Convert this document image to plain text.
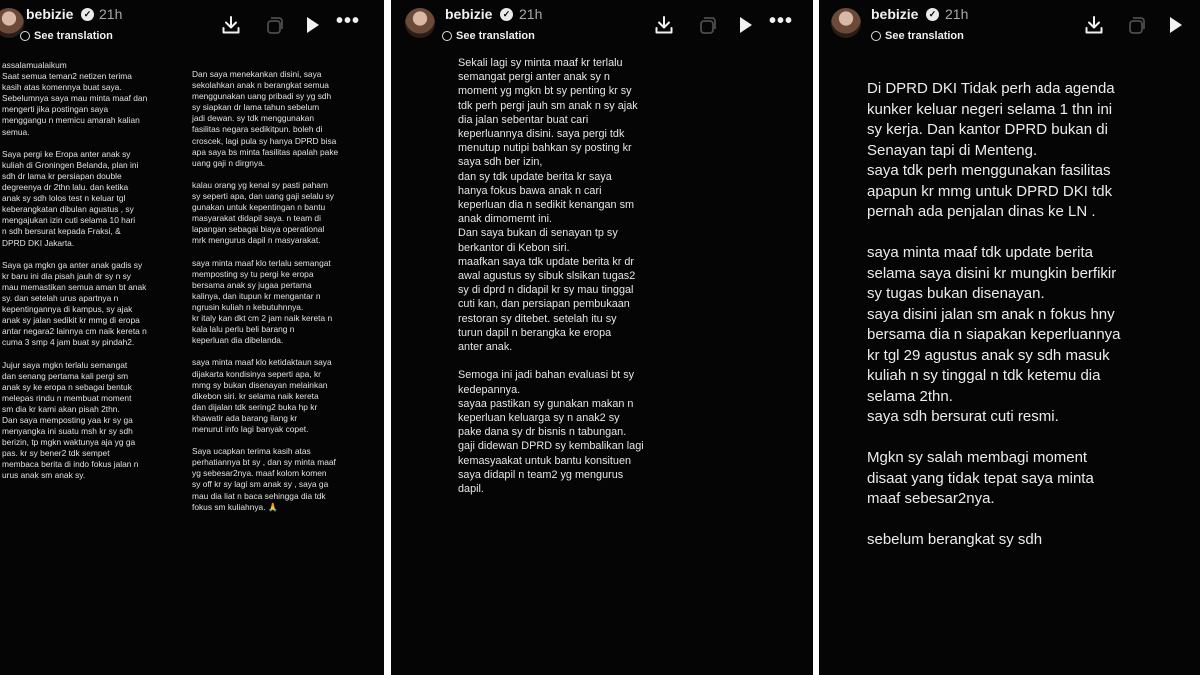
bebizie	✓ 21h
See translation
•••
assalamualaikum
Saat semua teman2 netizen terima
kasih atas komennya buat saya.
Sebelumnya saya mau minta maaf dan
mengerti jika postingan saya
menggangu n memicu amarah kalian
semua.

Saya pergi ke Eropa anter anak sy
kuliah di Groningen Belanda, plan ini
sdh dr lama kr persiapan double
degreenya dr 2thn lalu. dan ketika
anak sy sdh lolos test n keluar tgl
keberangkatan dibulan agustus , sy
mengajukan izin cuti selama 10 hari
n sdh bersurat kepada Fraksi, &
DPRD DKI Jakarta.

Saya ga mgkn ga anter anak gadis sy
kr baru ini dia pisah jauh dr sy n sy
mau memastikan semua aman bt anak
sy. dan setelah urus apartnya n
kepentingannya di kampus, sy ajak
anak sy jalan sedikit kr mmg di eropa
antar negara2 lainnya cm naik kereta n
cuma 3 smp 4 jam buat sy pindah2.

Jujur saya mgkn terlalu semangat
dan senang pertama kali pergi sm
anak sy ke eropa n sebagai bentuk
melepas rindu n membuat moment
sm dia kr kami akan pisah 2thn.
Dan saya memposting yaa kr sy ga
menyangka ini suatu msh kr sy sdh
berizin, tp mgkn waktunya aja yg ga
pas. kr sy bener2 tdk sempet
membaca berita di indo fokus jalan n
urus anak sm anak sy.
Dan saya menekankan disini, saya
sekolahkan anak n berangkat semua
menggunakan uang pribadi sy yg sdh
sy siapkan dr lama tahun sebelum
jadi dewan. sy tdk menggunakan
fasilitas negara sedikitpun. boleh di
croscek, lagi pula sy hanya DPRD bisa
apa saya bs minta fasilitas apalah pake
uang gaji n dirgnya.

kalau orang yg kenal sy pasti paham
sy seperti apa, dan uang gaji selalu sy
gunakan untuk kepentingan n bantu
masyarakat didapil saya. n team di
lapangan sebagai biaya operational
mrk mengurus dapil n masyarakat.

saya minta maaf klo terlalu semangat
memposting sy tu pergi ke eropa
bersama anak sy jugaa pertama
kalinya, dan itupun kr mengantar n
ngrusin kuliah n kebutuhnnya.
kr italy kan dkt cm 2 jam naik kereta n
kala lalu perlu beli barang n
keperluan dia dibelanda.

saya minta maaf klo ketidaktaun saya
dijakarta kondisinya seperti apa, kr
mmg sy bukan disenayan melainkan
dikebon siri. kr selama naik kereta
dan dijalan tdk sering2 buka hp kr
khawatir ada barang ilang kr
menurut info lagi banyak copet.

Saya ucapkan terima kasih atas
perhatiannya bt sy , dan sy minta maaf
yg sebesar2nya. maaf kolom komen
sy off kr sy lagi sm anak sy , saya ga
mau dia liat n baca sehingga dia tdk
fokus sm kuliahnya. 🙏
bebizie	✓ 21h
See translation
•••
Sekali lagi sy minta maaf kr terlalu
semangat pergi anter anak sy n
moment yg mgkn bt sy penting kr sy
tdk perh pergi jauh sm anak n sy ajak
dia jalan sebentar buat cari
keperluannya disini. saya pergi tdk
menutup nutipi bahkan sy posting kr
saya sdh ber izin,
dan sy tdk update berita kr saya
hanya fokus bawa anak n cari
keperluan dia n sedikit kenangan sm
anak dimomemt ini.
Dan saya bukan di senayan tp sy
berkantor di Kebon siri.
maafkan saya tdk update berita kr dr
awal agustus sy sibuk slsikan tugas2
sy di dprd n didapil kr sy mau tinggal
cuti kan, dan persiapan pembukaan
restoran sy ditebet. setelah itu sy
turun dapil n berangka ke eropa
anter anak.

Semoga ini jadi bahan evaluasi bt sy
kedepannya.
sayaa pastikan sy gunakan makan n
keperluan keluarga sy n anak2 sy
pake dana sy dr bisnis n tabungan.
gaji didewan DPRD sy kembalikan lagi
kemasyaakat untuk bantu konsituen
saya didapil n team2 yg mengurus
dapil.
bebizie	✓ 21h
See translation
Di DPRD DKI Tidak perh ada agenda
kunker keluar negeri selama 1 thn ini
sy kerja. Dan kantor DPRD bukan di
Senayan tapi di Menteng.
saya tdk perh menggunakan fasilitas
apapun kr mmg untuk DPRD DKI tdk
pernah ada penjalan dinas ke LN .

saya minta maaf tdk update berita
selama saya disini kr mungkin berfikir
sy tugas bukan disenayan.
saya disini jalan sm anak n fokus hny
bersama dia n siapakan keperluannya
kr tgl 29 agustus anak sy sdh masuk
kuliah n sy tinggal n tdk ketemu dia
selama 2thn.
saya sdh bersurat cuti resmi.

Mgkn sy salah membagi moment
disaat yang tidak tepat saya minta
maaf sebesar2nya.

sebelum berangkat sy sdh
